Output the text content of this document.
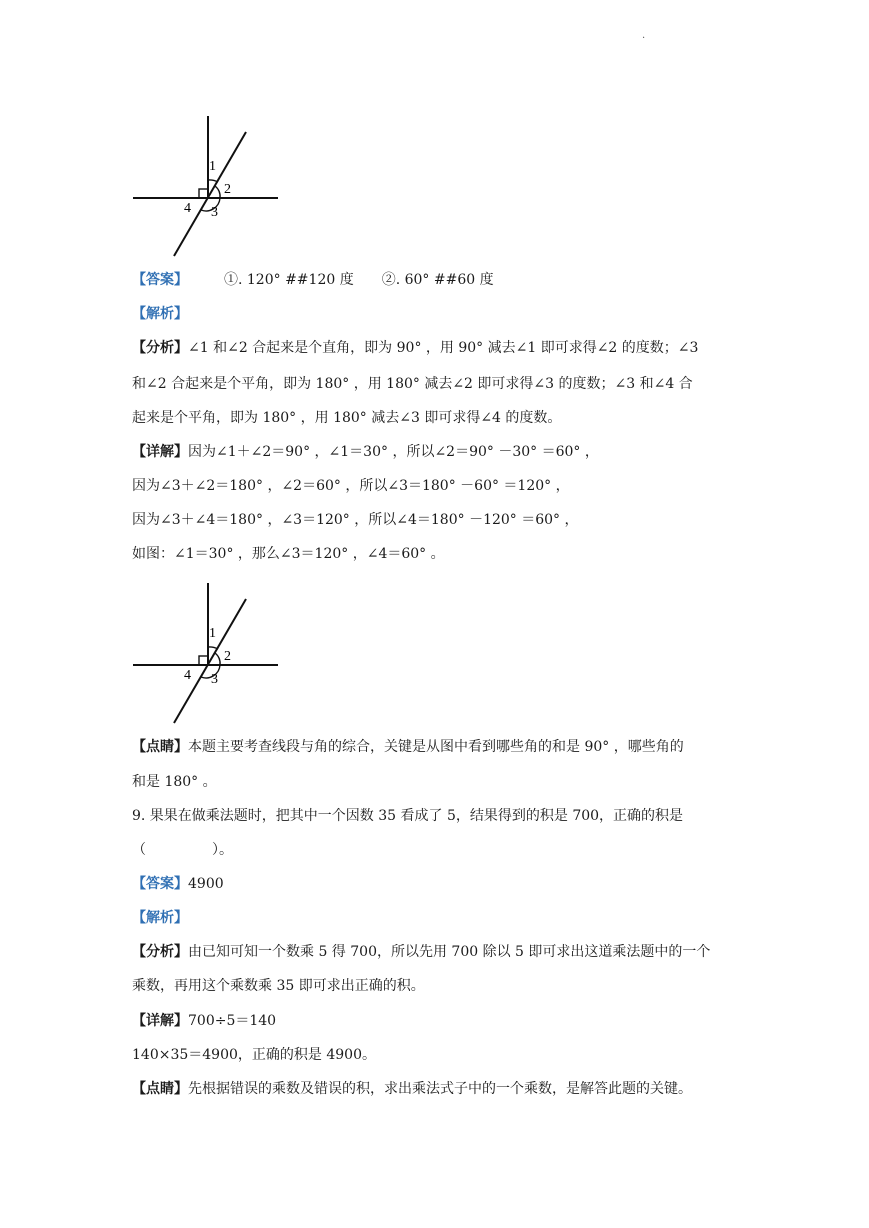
.
1
2
4 3
【答案】	①. 120° ##120 度 ②. 60° ##60 度
【解析】
【分析】∠1 和∠2 合起来是个直角，即为 90° ，用 90° 减去∠1 即可求得∠2 的度数；∠3
和∠2 合起来是个平角，即为 180° ，用 180° 减去∠2 即可求得∠3 的度数；∠3 和∠4 合
起来是个平角，即为 180° ，用 180° 减去∠3 即可求得∠4 的度数。
【详解】因为∠1＋∠2＝90° ，∠1＝30° ，所以∠2＝90° －30° ＝60° ，
因为∠3＋∠2＝180° ，∠2＝60° ，所以∠3＝180° －60° ＝120° ，
因为∠3＋∠4＝180° ，∠3＝120° ，所以∠4＝180° －120° ＝60° ，
如图：∠1＝30° ，那么∠3＝120° ，∠4＝60° 。
1
2
4 3
【点睛】本题主要考查线段与角的综合，关键是从图中看到哪些角的和是 90° ，哪些角的
和是 180° 。
9. 果果在做乘法题时，把其中一个因数 35 看成了 5，结果得到的积是 700，正确的积是
（	）。
【答案】4900
【解析】
【分析】由已知可知一个数乘 5 得 700，所以先用 700 除以 5 即可求出这道乘法题中的一个
乘数，再用这个乘数乘 35 即可求出正确的积。
【详解】700÷5＝140
140×35＝4900，正确的积是 4900。
【点睛】先根据错误的乘数及错误的积，求出乘法式子中的一个乘数，是解答此题的关键。
